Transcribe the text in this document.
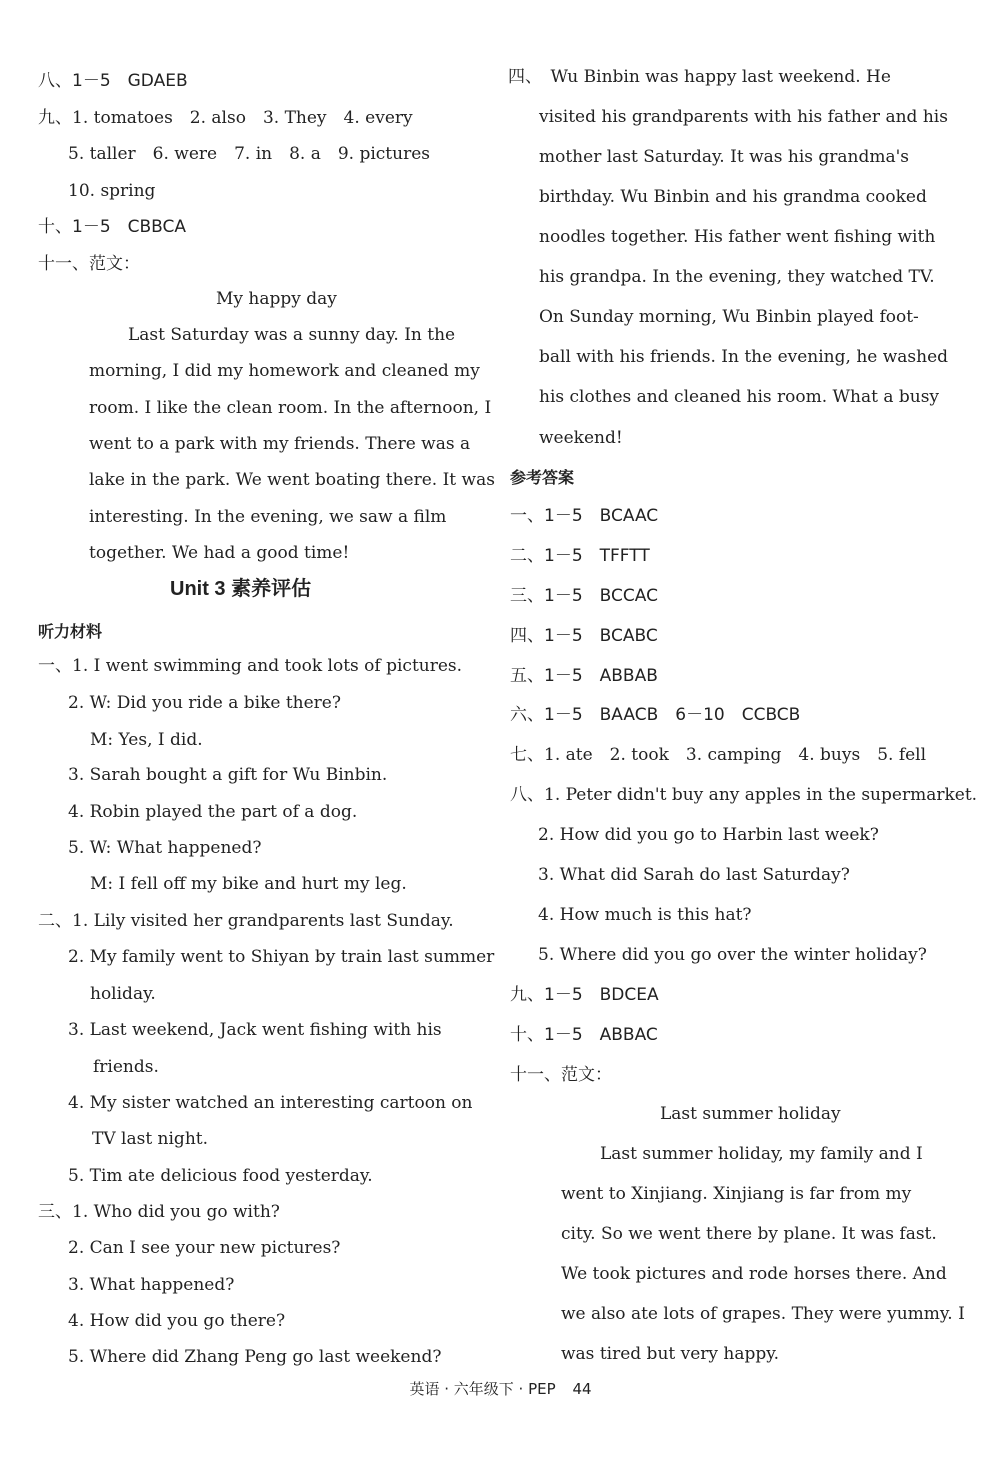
八、1－5　GDAEB
九、1. tomatoes　2. also　3. They　4. every
5. taller　6. were　7. in　8. a　9. pictures
10. spring
十、1－5　CBBCA
十一、范文：
My happy day
Last Saturday was a sunny day. In the
morning, I did my homework and cleaned my
room. I like the clean room. In the afternoon, I
went to a park with my friends. There was a
lake in the park. We went boating there. It was
interesting. In the evening, we saw a film
together. We had a good time!
Unit 3 素养评估
听力材料
一、1. I went swimming and took lots of pictures.
2. W: Did you ride a bike there?
M: Yes, I did.
3. Sarah bought a gift for Wu Binbin.
4. Robin played the part of a dog.
5. W: What happened?
M: I fell off my bike and hurt my leg.
二、1. Lily visited her grandparents last Sunday.
2. My family went to Shiyan by train last summer
holiday.
3. Last weekend, Jack went fishing with his
friends.
4. My sister watched an interesting cartoon on
TV last night.
5. Tim ate delicious food yesterday.
三、1. Who did you go with?
2. Can I see your new pictures?
3. What happened?
4. How did you go there?
5. Where did Zhang Peng go last weekend?
四、　Wu Binbin was happy last weekend. He
visited his grandparents with his father and his
mother last Saturday. It was his grandma's
birthday. Wu Binbin and his grandma cooked
noodles together. His father went fishing with
his grandpa. In the evening, they watched TV.
On Sunday morning, Wu Binbin played foot-
ball with his friends. In the evening, he washed
his clothes and cleaned his room. What a busy
weekend!
参考答案
一、1－5　BCAAC
二、1－5　TFFTT
三、1－5　BCCAC
四、1－5　BCABC
五、1－5　ABBAB
六、1－5　BAACB　6－10　CCBCB
七、1. ate　2. took　3. camping　4. buys　5. fell
八、1. Peter didn't buy any apples in the supermarket.
2. How did you go to Harbin last week?
3. What did Sarah do last Saturday?
4. How much is this hat?
5. Where did you go over the winter holiday?
九、1－5　BDCEA
十、1－5　ABBAC
十一、范文：
Last summer holiday
Last summer holiday, my family and I
went to Xinjiang. Xinjiang is far from my
city. So we went there by plane. It was fast.
We took pictures and rode horses there. And
we also ate lots of grapes. They were yummy. I
was tired but very happy.
英语 · 六年级下 · PEP 44
